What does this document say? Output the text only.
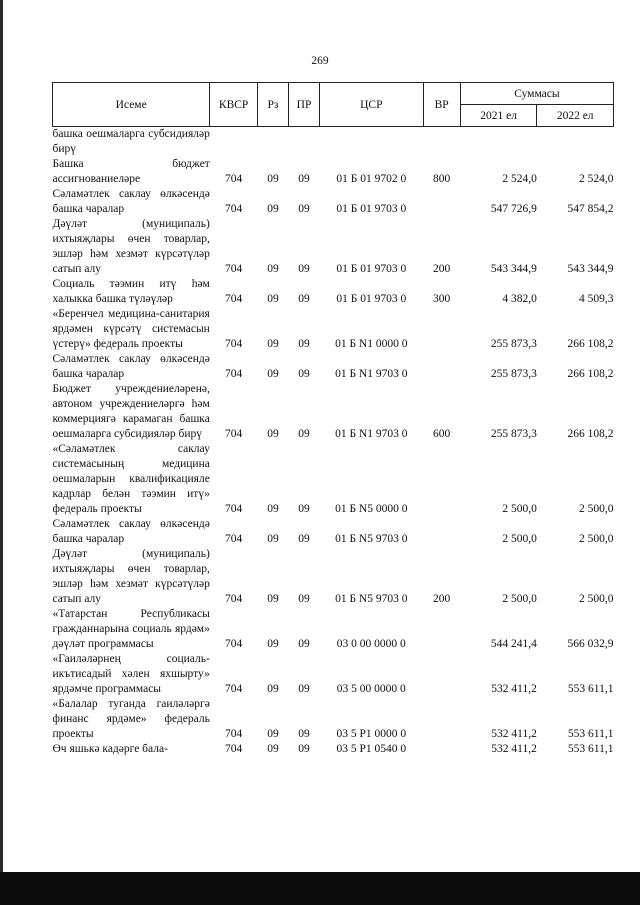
269
Исеме	КВСР	Рз	ПР	ЦСР	ВР	Суммасы	
						2021 ел	2022 ел
башка оешмаларга субсидияләр бирү							
Башка бюджет ассигнованиеләре	704	09	09	01 Б 01 9702 0	800	2 524,0	2 524,0
Сәламәтлек саклау өлкәсендә башка чаралар	704	09	09	01 Б 01 9703 0		547 726,9	547 854,2
Дәүләт (муниципаль) ихтыяҗлары өчен товарлар, эшләр һәм хезмәт күрсәтүләр сатып алу	704	09	09	01 Б 01 9703 0	200	543 344,9	543 344,9
Социаль тәэмин итү һәм халыкка башка түләүләр	704	09	09	01 Б 01 9703 0	300	4 382,0	4 509,3
«Беренчел медицина-санитария ярдәмен күрсәтү системасын үстерү» федераль проекты	704	09	09	01 Б N1 0000 0		255 873,3	266 108,2
Сәламәтлек саклау өлкәсендә башка чаралар	704	09	09	01 Б N1 9703 0		255 873,3	266 108,2
Бюджет учреждениеләренә, автоном учреждениеләргә һәм коммерциягә карамаган башка оешмаларга субсидияләр бирү	704	09	09	01 Б N1 9703 0	600	255 873,3	266 108,2
«Сәламәтлек саклау системасының медицина оешмаларын квалификацияле кадрлар белән тәэмин итү» федераль проекты	704	09	09	01 Б N5 0000 0		2 500,0	2 500,0
Сәламәтлек саклау өлкәсендә башка чаралар	704	09	09	01 Б N5 9703 0		2 500,0	2 500,0
Дәүләт (муниципаль) ихтыяҗлары өчен товарлар, эшләр һәм хезмәт күрсәтүләр сатып алу	704	09	09	01 Б N5 9703 0	200	2 500,0	2 500,0
«Татарстан Республикасы гражданнарына социаль ярдәм» дәүләт программасы	704	09	09	03 0 00 0000 0		544 241,4	566 032,9
«Гаиләләрнең социаль-икътисадый хәлен яхшырту» ярдәмче программасы	704	09	09	03 5 00 0000 0		532 411,2	553 611,1
«Балалар туганда гаиләләргә финанс ярдәме» федераль проекты	704	09	09	03 5 P1 0000 0		532 411,2	553 611,1
Өч яшькә кадәрге бала-	704	09	09	03 5 P1 0540 0		532 411,2	553 611,1
